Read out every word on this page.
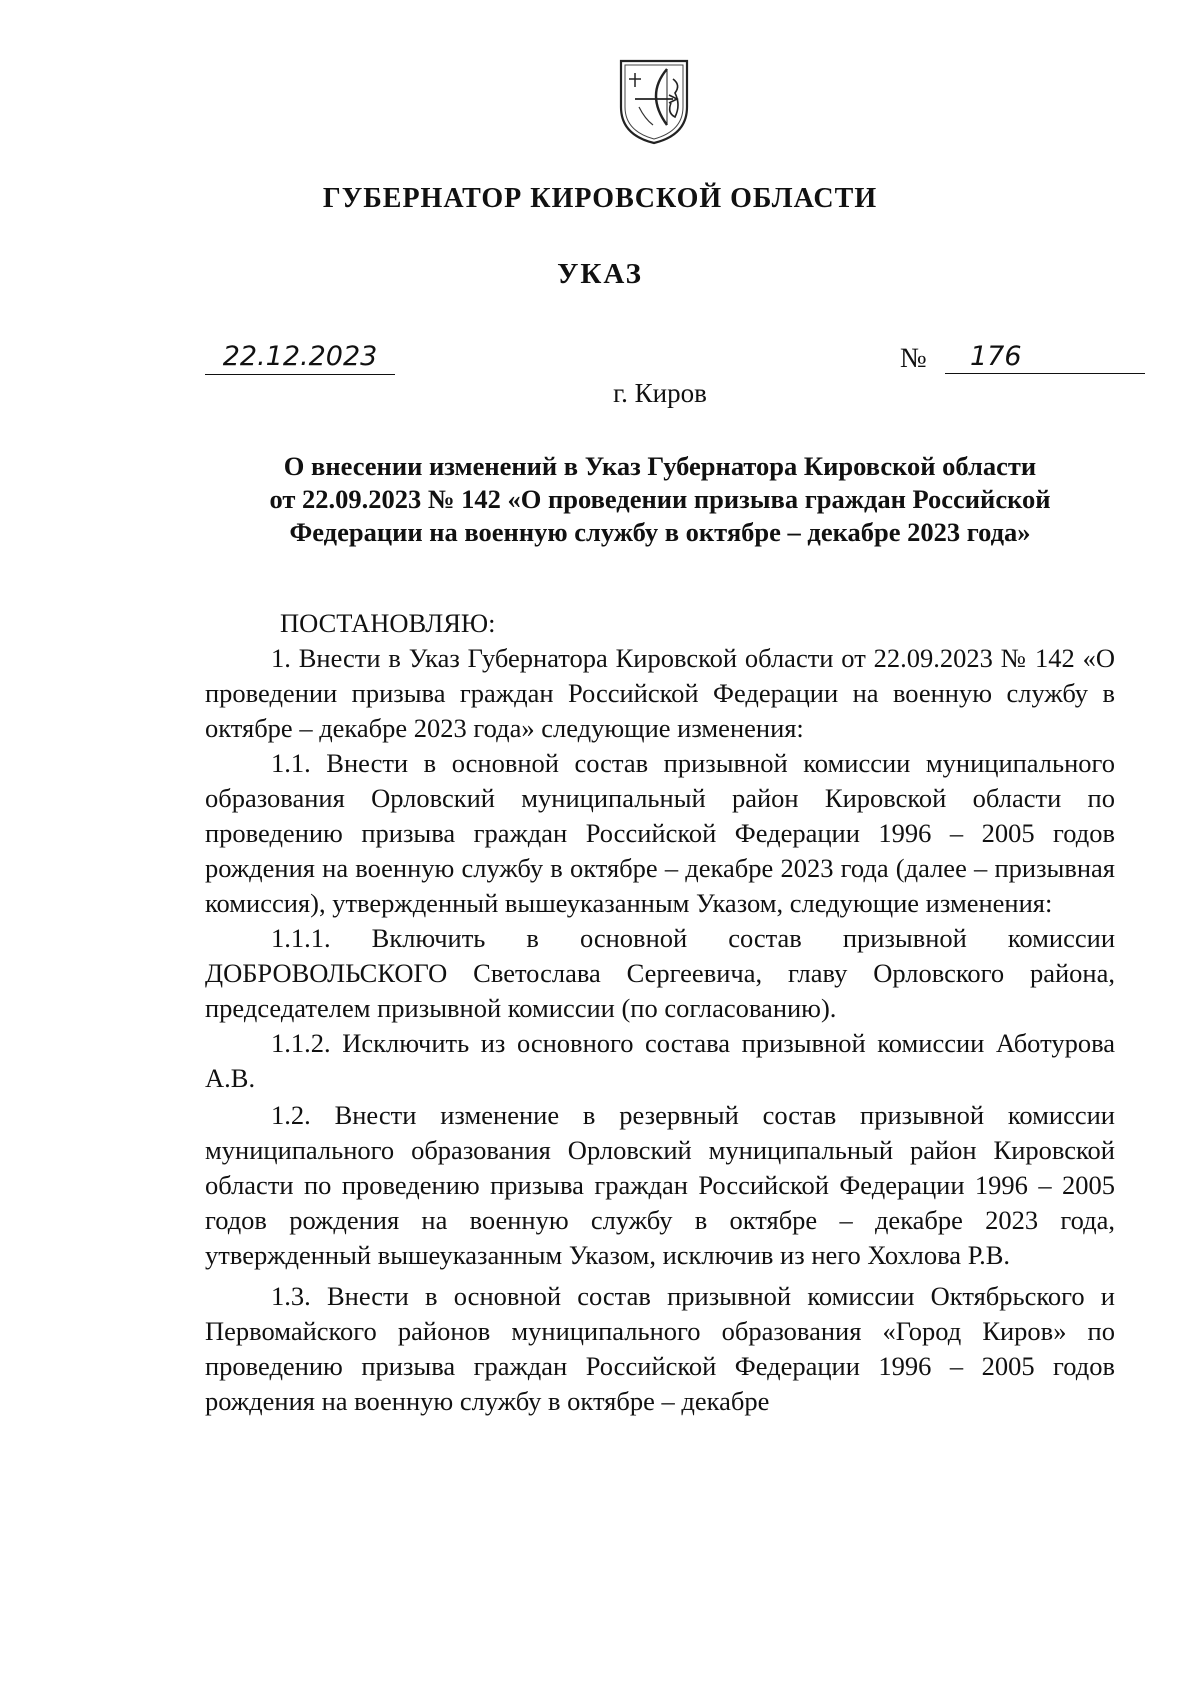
ГУБЕРНАТОР КИРОВСКОЙ ОБЛАСТИ
УКАЗ
22.12.2023	№	176

г. Киров

О внесении изменений в Указ Губернатора Кировской области
от 22.09.2023 № 142 «О проведении призыва граждан Российской
Федерации на военную службу в октябре – декабре 2023 года»

ПОСТАНОВЛЯЮ:

1. Внести в Указ Губернатора Кировской области от 22.09.2023 № 142 «О проведении призыва граждан Российской Федерации на военную службу в октябре – декабре 2023 года» следующие изменения:

1.1. Внести в основной состав призывной комиссии муниципального образования Орловский муниципальный район Кировской области по проведению призыва граждан Российской Федерации 1996 – 2005 годов рождения на военную службу в октябре – декабре 2023 года (далее – призывная комиссия), утвержденный вышеуказанным Указом, следующие изменения:

1.1.1. Включить в основной состав призывной комиссии ДОБРОВОЛЬСКОГО Светослава Сергеевича, главу Орловского района, председателем призывной комиссии (по согласованию).

1.1.2. Исключить из основного состава призывной комиссии Аботурова А.В.

1.2. Внести изменение в резервный состав призывной комиссии муниципального образования Орловский муниципальный район Кировской области по проведению призыва граждан Российской Федерации 1996 – 2005 годов рождения на военную службу в октябре – декабре 2023 года, утвержденный вышеуказанным Указом, исключив из него Хохлова Р.В.

1.3. Внести в основной состав призывной комиссии Октябрьского и Первомайского районов муниципального образования «Город Киров» по проведению призыва граждан Российской Федерации 1996 – 2005 годов рождения на военную службу в октябре – декабре
